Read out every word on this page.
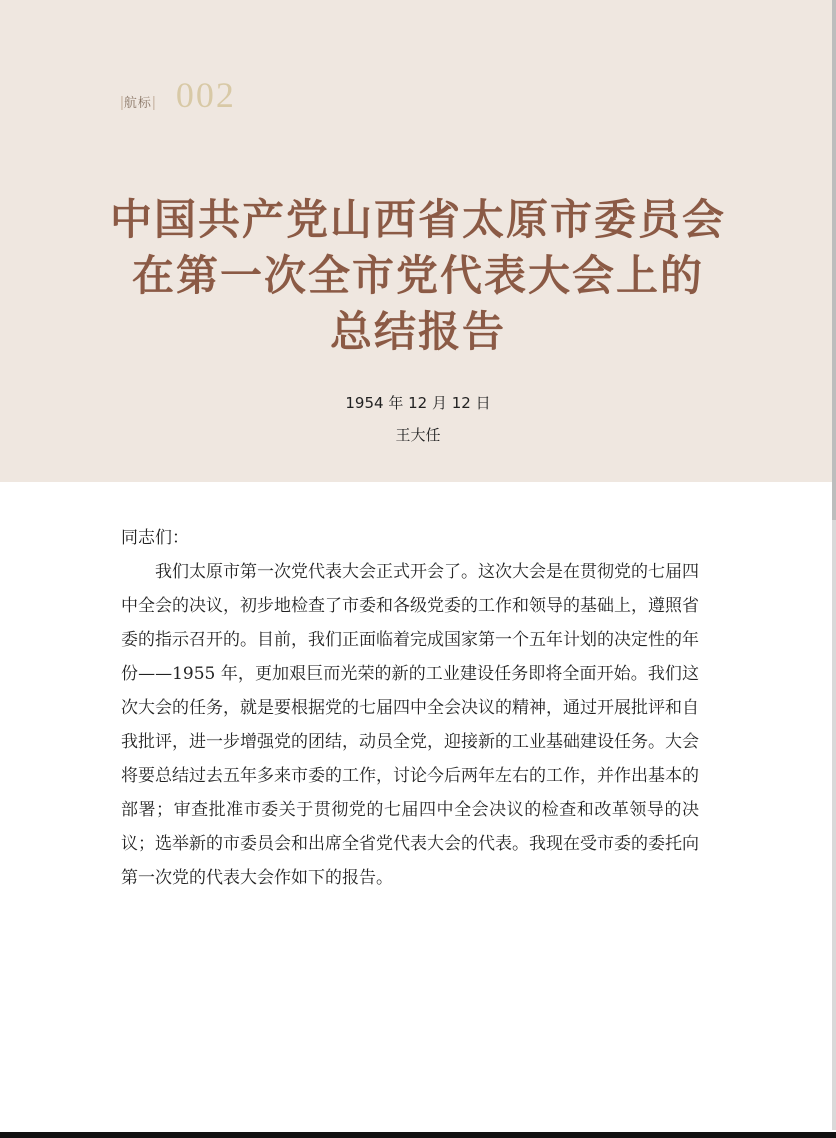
| 航标 | 002
中国共产党山西省太原市委员会
在第一次全市党代表大会上的
总结报告
1954 年 12 月 12 日
王大任

同志们：

我们太原市第一次党代表大会正式开会了。这次大会是在贯彻党的七届四中全会的决议，初步地检查了市委和各级党委的工作和领导的基础上，遵照省委的指示召开的。目前，我们正面临着完成国家第一个五年计划的决定性的年份——1955 年，更加艰巨而光荣的新的工业建设任务即将全面开始。我们这次大会的任务，就是要根据党的七届四中全会决议的精神，通过开展批评和自我批评，进一步增强党的团结，动员全党，迎接新的工业基础建设任务。大会将要总结过去五年多来市委的工作，讨论今后两年左右的工作，并作出基本的部署；审查批准市委关于贯彻党的七届四中全会决议的检查和改革领导的决议；选举新的市委员会和出席全省党代表大会的代表。我现在受市委的委托向第一次党的代表大会作如下的报告。
